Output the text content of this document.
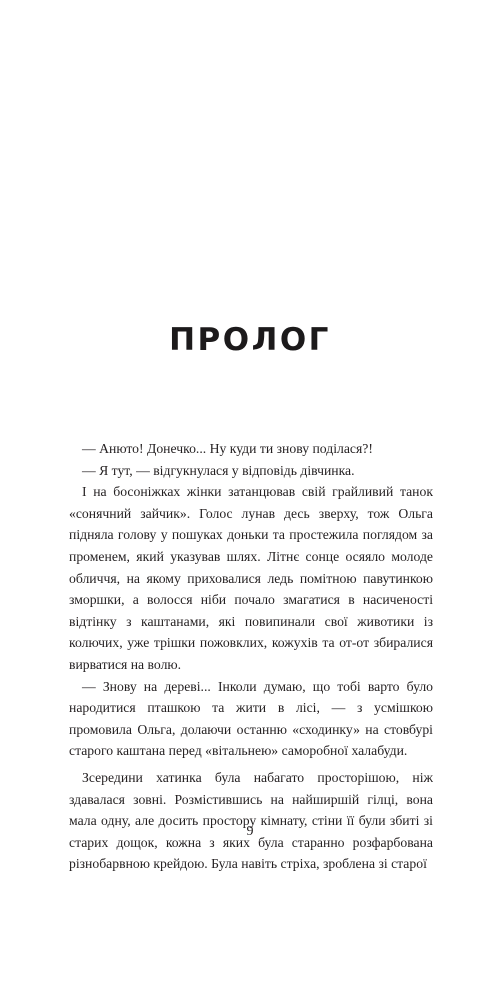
ПРОЛОГ

— Анюто! Донечко... Ну куди ти знову поділася?!

— Я тут, — відгукнулася у відповідь дівчинка.

І на босоніжках жінки затанцював свій грайливий танок «сонячний зайчик». Голос лунав десь зверху, тож Ольга підняла голову у пошуках доньки та простежила поглядом за променем, який указував шлях. Літнє сонце осяяло молоде обличчя, на якому приховалися ледь помітною павутинкою зморшки, а волосся ніби почало змагатися в насиченості відтінку з каштанами, які повипинали свої животики із колючих, уже трішки пожовклих, кожухів та от-от збиралися вирватися на волю.

— Знову на дереві... Інколи думаю, що тобі варто було народитися пташкою та жити в лісі, — з усмішкою промовила Ольга, долаючи останню «сходинку» на стовбурі старого каштана перед «вітальнею» саморобної халабуди.

Зсередини хатинка була набагато просторішою, ніж здавалася зовні. Розмістившись на найширшій гілці, вона мала одну, але досить простору кімнату, стіни її були збиті зі старих дощок, кожна з яких була старанно розфарбована різнобарвною крейдою. Була навіть стріха, зроблена зі старої

9
